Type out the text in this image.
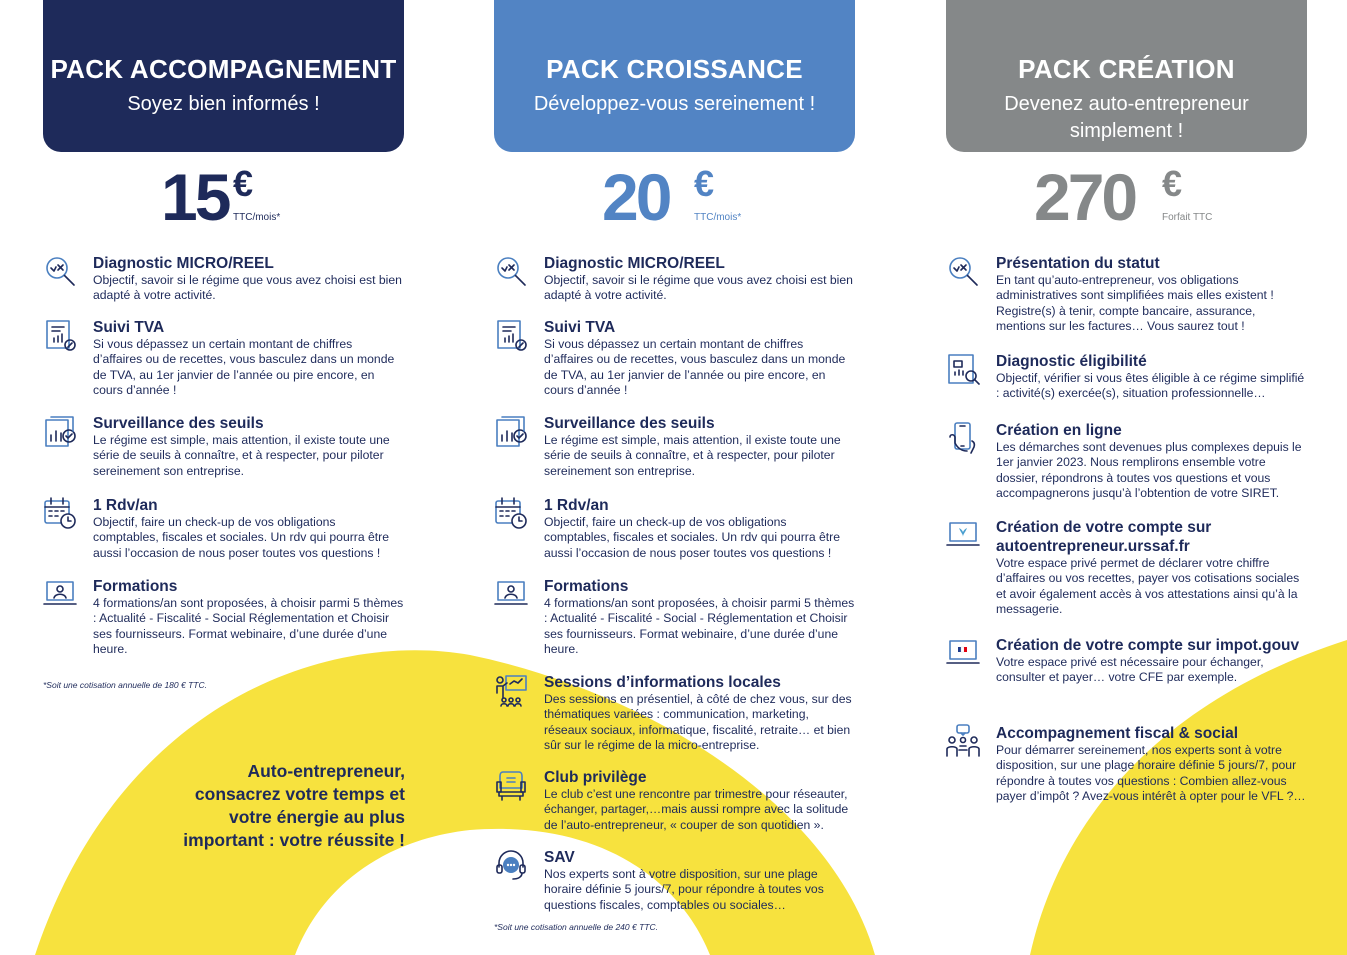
PACK ACCOMPAGNEMENT
Soyez bien informés !
15 €
TTC/mois*
Diagnostic MICRO/REEL
Objectif, savoir si le régime que vous avez choisi est bien adapté à votre activité.
Suivi TVA
Si vous dépassez un certain montant de chiffres d’affaires ou de recettes, vous basculez dans un monde de TVA, au 1er janvier de l’année ou pire encore, en cours d’année !
Surveillance des seuils
Le régime est simple, mais attention, il existe toute une série de seuils à connaître, et à respecter, pour piloter sereinement son entreprise.
1 Rdv/an
Objectif, faire un check-up de vos obligations comptables, fiscales et sociales. Un rdv qui pourra être aussi l’occasion de nous poser toutes vos questions !
Formations
4 formations/an sont proposées, à choisir parmi 5 thèmes : Actualité - Fiscalité - Social Réglementation et Choisir ses fournisseurs. Format webinaire, d’une durée d’une heure.
*Soit une cotisation annuelle de 180 € TTC.
Auto-entrepreneur, consacrez votre temps et votre énergie au plus important : votre réussite !
PACK CROISSANCE
Développez-vous sereinement !
20 €
TTC/mois*
Diagnostic MICRO/REEL
Objectif, savoir si le régime que vous avez choisi est bien adapté à votre activité.
Suivi TVA
Si vous dépassez un certain montant de chiffres d’affaires ou de recettes, vous basculez dans un monde de TVA, au 1er janvier de l’année ou pire encore, en cours d’année !
Surveillance des seuils
Le régime est simple, mais attention, il existe toute une série de seuils à connaître, et à respecter, pour piloter sereinement son entreprise.
1 Rdv/an
Objectif, faire un check-up de vos obligations comptables, fiscales et sociales. Un rdv qui pourra être aussi l’occasion de nous poser toutes vos questions !
Formations
4 formations/an sont proposées, à choisir parmi 5 thèmes : Actualité - Fiscalité - Social - Réglementation et Choisir ses fournisseurs. Format webinaire, d’une durée d’une heure.
Sessions d’informations locales
Des sessions en présentiel, à côté de chez vous, sur des thématiques variées : communication, marketing, réseaux sociaux, informatique, fiscalité, retraite… et bien sûr sur le régime de la micro-entreprise.
Club privilège
Le club c’est une rencontre par trimestre pour réseauter, échanger, partager,…mais aussi rompre avec la solitude de l’auto-entrepreneur, « couper de son quotidien ».
SAV
Nos experts sont à votre disposition, sur une plage horaire définie 5 jours/7, pour répondre à toutes vos questions fiscales, comptables ou sociales…
*Soit une cotisation annuelle de 240 € TTC.
PACK CRÉATION
Devenez auto-entrepreneur simplement !
270 €
Forfait TTC
Présentation du statut
En tant qu’auto-entrepreneur, vos obligations administratives sont simplifiées mais elles existent ! Registre(s) à tenir, compte bancaire, assurance, mentions sur les factures… Vous saurez tout !
Diagnostic éligibilité
Objectif, vérifier si vous êtes éligible à ce régime simplifié : activité(s) exercée(s), situation professionnelle…
Création en ligne
Les démarches sont devenues plus complexes depuis le 1er janvier 2023. Nous remplirons ensemble votre dossier, répondrons à toutes vos questions et vous accompagnerons jusqu’à l’obtention de votre SIRET.
Création de votre compte sur autoentrepreneur.urssaf.fr
Votre espace privé permet de déclarer votre chiffre d’affaires ou vos recettes, payer vos cotisations sociales et avoir également accès à vos attestations ainsi qu’à la messagerie.
Création de votre compte sur impot.gouv
Votre espace privé est nécessaire pour échanger, consulter et payer… votre CFE par exemple.
Accompagnement fiscal & social
Pour démarrer sereinement, nos experts sont à votre disposition, sur une plage horaire définie 5 jours/7, pour répondre à toutes vos questions : Combien allez-vous payer d’impôt ? Avez-vous intérêt à opter pour le VFL ?…
